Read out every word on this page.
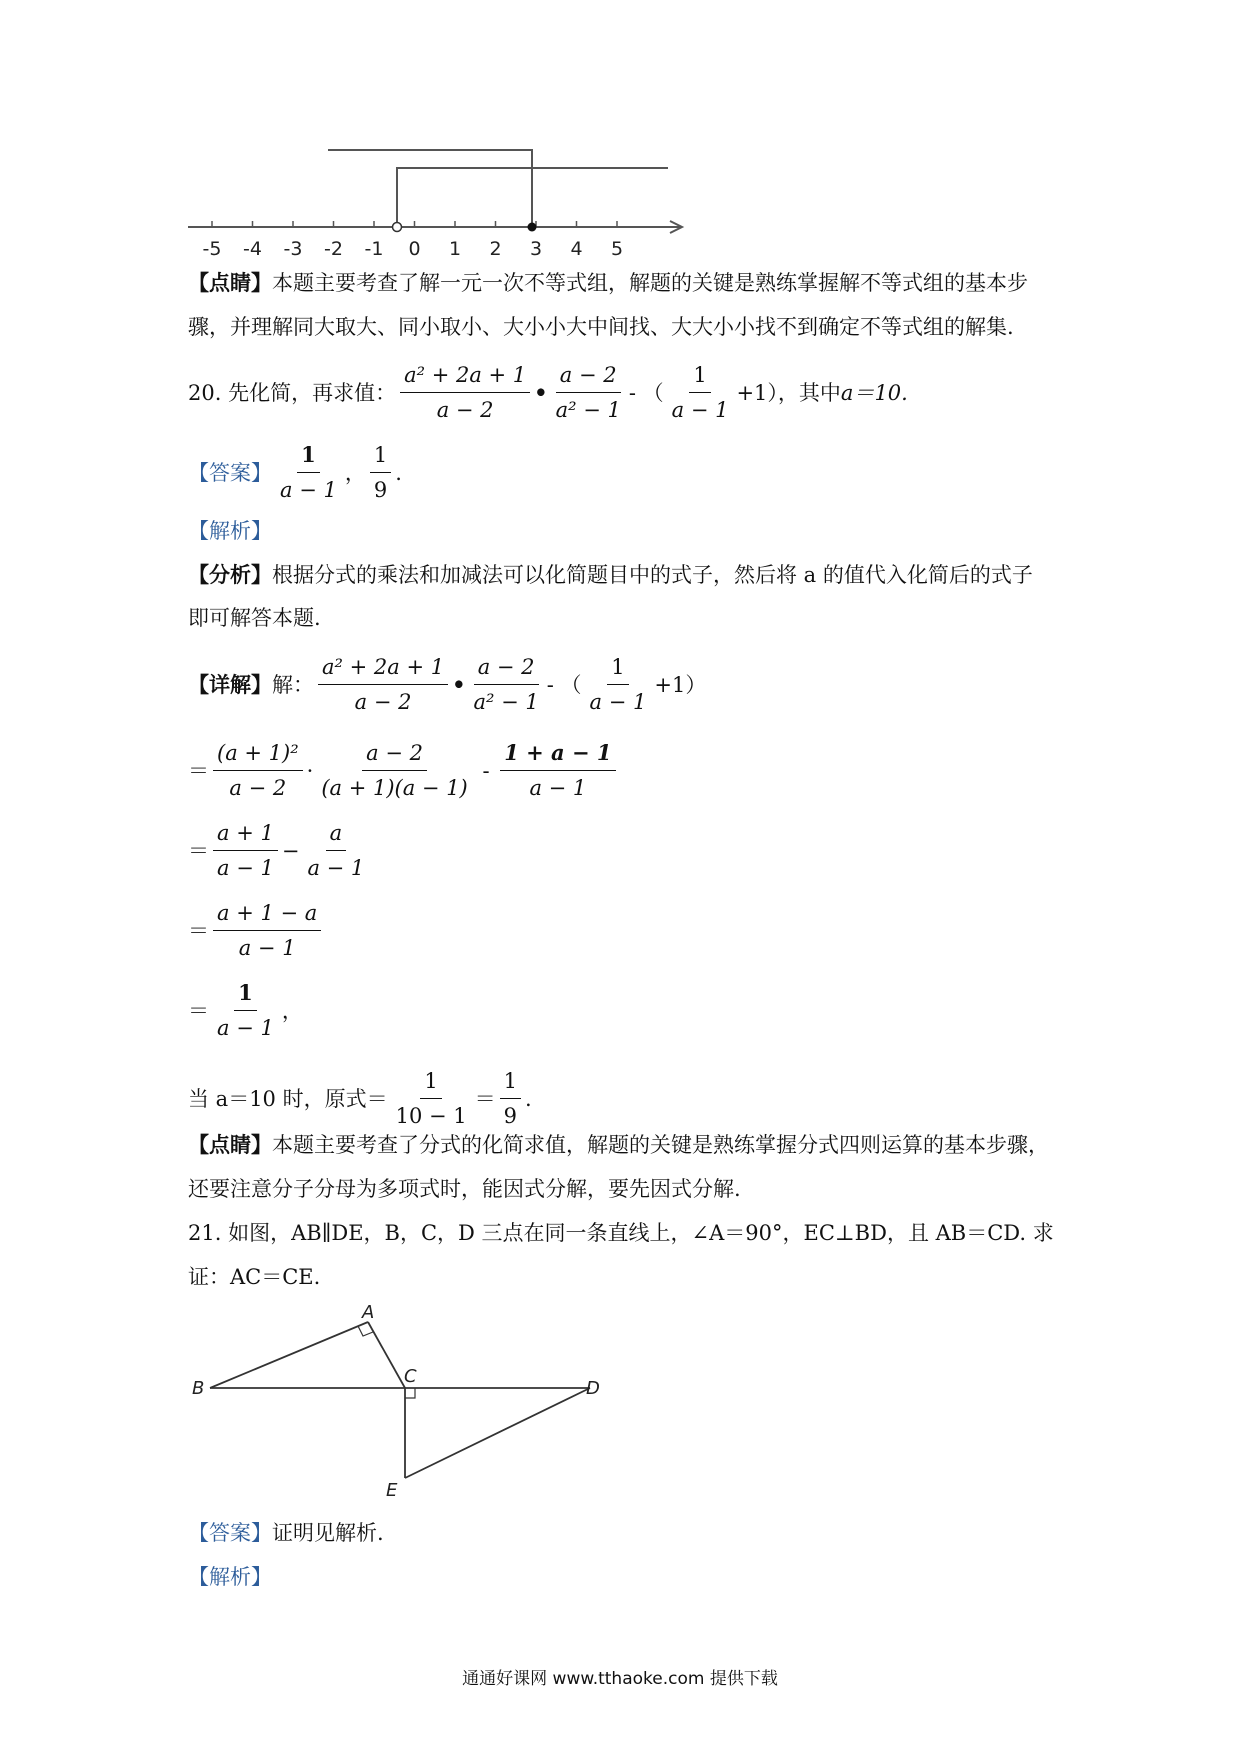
-5 -4 -3 -2 -1 0 1 2 3 4 5
【点睛】本题主要考查了解一元一次不等式组，解题的关键是熟练掌握解不等式组的基本步
骤，并理解同大取大、同小取小、大小小大中间找、大大小小找不到确定不等式组的解集.
20. 先化简，再求值： $\frac{\text{a² + 2a + 1}}{a - 2}$ • $\frac{a - 2}{\text{a² − 1}}$ - （ $\frac{1}{a - 1} +1$），其中 a＝10.
【答案】 $\frac{1}{a - 1}$ ， $\frac{1}{9}$ .
【解析】
【分析】根据分式的乘法和加减法可以化简题目中的式子，然后将 a 的值代入化简后的式子
即可解答本题.
【详解】 解： $\frac{\text{a² + 2a + 1}}{a - 2}$ • $\frac{a - 2}{\text{a² − 1}}$ - （ $\frac{1}{a - 1} +1$）
＝ $\frac{\text{(a + 1)²}}{a - 2} \cdot \frac{a - 2}{(a + 1)(a - 1)} - \frac{1 + a - 1}{a - 1}$
＝ $\frac{a + 1}{a - 1} - \frac{a}{a - 1}$
＝ $\frac{a + 1 - a}{a - 1}$
＝ $\frac{1}{a - 1}$ ，
当 a＝10 时，原式＝ $\frac{1}{10 - 1} = \frac{1}{9}$ .
【点睛】本题主要考查了分式的化简求值，解题的关键是熟练掌握分式四则运算的基本步骤，
还要注意分子分母为多项式时，能因式分解，要先因式分解.
21. 如图，AB∥DE，B，C，D 三点在同一条直线上，∠A＝90°，EC⊥BD，且 AB＝CD. 求
证：AC＝CE.
A
B
C
D
E
【答案】证明见解析.
【解析】
通通好课网 www.tthaoke.com 提供下载
